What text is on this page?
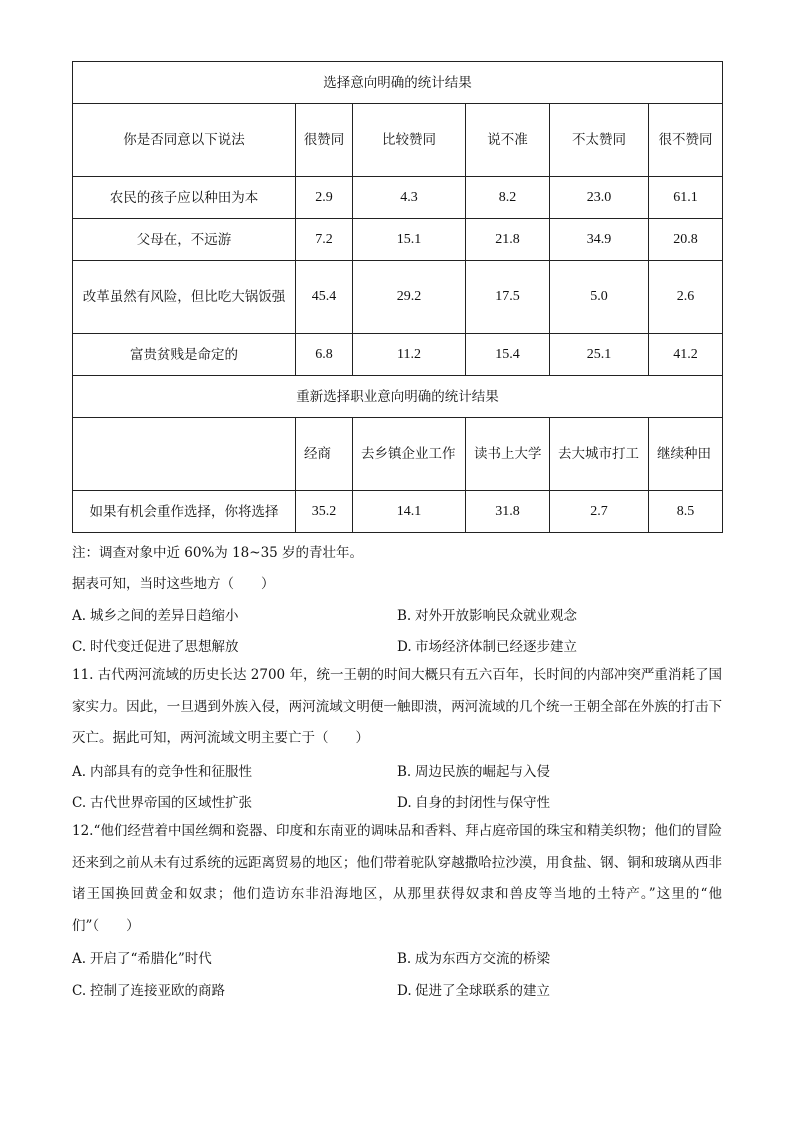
选择意向明确的统计结果					
你是否同意以下说法	很赞同	比较赞同	说不准	不太赞同	很不赞同
农民的孩子应以种田为本	2.9	4.3	8.2	23.0	61.1
父母在，不远游	7.2	15.1	21.8	34.9	20.8
改革虽然有风险，但比吃大锅饭强	45.4	29.2	17.5	5.0	2.6
富贵贫贱是命定的	6.8	11.2	15.4	25.1	41.2
重新选择职业意向明确的统计结果					
	经商	去乡镇企业工作	读书上大学	去大城市打工	继续种田
如果有机会重作选择，你将选择	35.2	14.1	31.8	2.7	8.5
注：调查对象中近 60%为 18~35 岁的青壮年。
据表可知，当时这些地方（　　）
A. 城乡之间的差异日趋缩小	B. 对外开放影响民众就业观念
C. 时代变迁促进了思想解放	D. 市场经济体制已经逐步建立
11. 古代两河流域的历史长达 2700 年，统一王朝的时间大概只有五六百年，长时间的内部冲突严重消耗了国家实力。因此，一旦遇到外族入侵，两河流域文明便一触即溃，两河流域的几个统一王朝全部在外族的打击下灭亡。据此可知，两河流域文明主要亡于（　　）
A. 内部具有的竞争性和征服性	B. 周边民族的崛起与入侵
C. 古代世界帝国的区域性扩张	D. 自身的封闭性与保守性
12.“他们经营着中国丝绸和瓷器、印度和东南亚的调味品和香料、拜占庭帝国的珠宝和精美织物；他们的冒险还来到之前从未有过系统的远距离贸易的地区；他们带着驼队穿越撒哈拉沙漠，用食盐、钢、铜和玻璃从西非诸王国换回黄金和奴隶；他们造访东非沿海地区，从那里获得奴隶和兽皮等当地的土特产。”这里的“他们”（　　）
A. 开启了“希腊化”时代	B. 成为东西方交流的桥梁
C. 控制了连接亚欧的商路	D. 促进了全球联系的建立
